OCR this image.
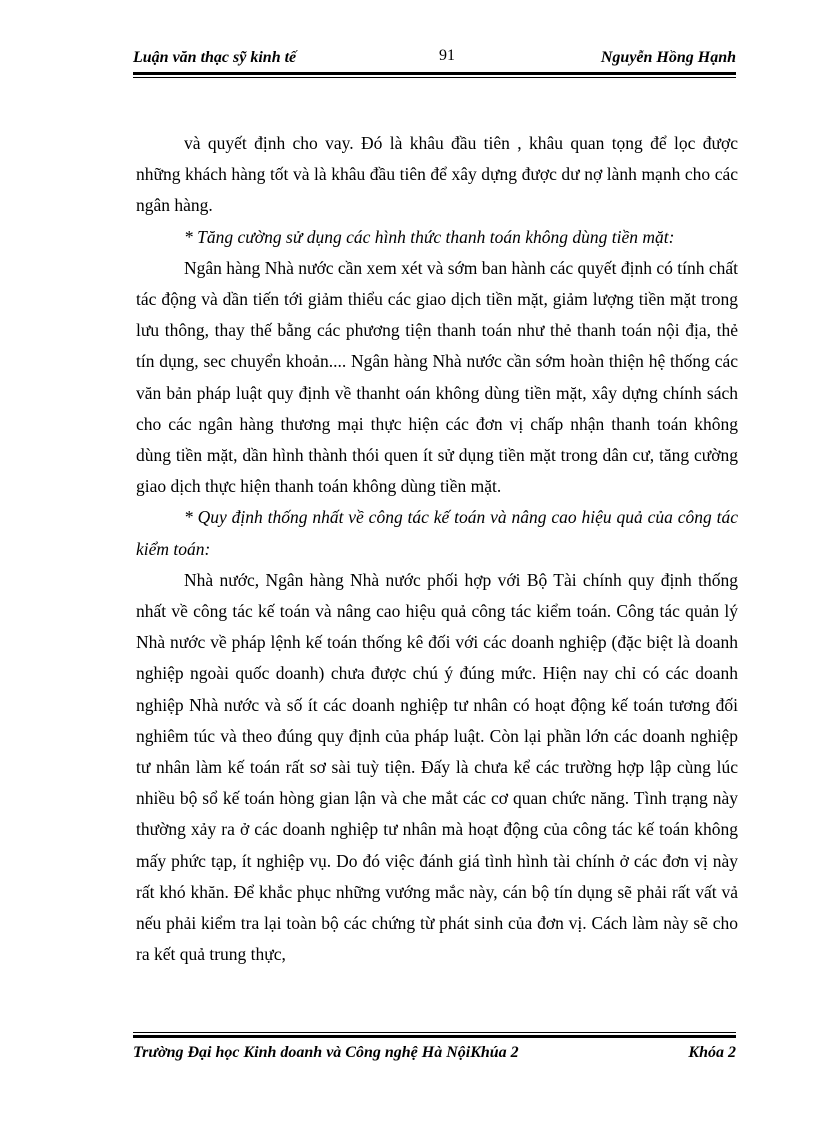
Luận văn thạc sỹ kinh tế	91	Nguyễn Hồng Hạnh

và quyết định cho vay. Đó là khâu đầu tiên , khâu quan tọng để lọc được những khách hàng tốt và là khâu đầu tiên để xây dựng được dư nợ lành mạnh cho các ngân hàng.

* Tăng cường sử dụng các hình thức thanh toán không dùng tiền mặt:

Ngân hàng Nhà nước cần xem xét và sớm ban hành các quyết định có tính chất tác động và dần tiến tới giảm thiểu các giao dịch tiền mặt, giảm lượng tiền mặt trong lưu thông, thay thế bằng các phương tiện thanh toán như thẻ thanh toán nội địa, thẻ tín dụng, sec chuyển khoản.... Ngân hàng Nhà nước cần sớm hoàn thiện hệ thống các văn bản pháp luật quy định về thanht oán không dùng tiền mặt, xây dựng chính sách cho các ngân hàng thương mại thực hiện các đơn vị chấp nhận thanh toán không dùng tiền mặt, dần hình thành thói quen ít sử dụng tiền mặt trong dân cư, tăng cường giao dịch thực hiện thanh toán không dùng tiền mặt.

* Quy định thống nhất về công tác kế toán và nâng cao hiệu quả của công tác kiểm toán:

Nhà nước, Ngân hàng Nhà nước phối hợp với Bộ Tài chính quy định thống nhất về công tác kế toán và nâng cao hiệu quả công tác kiểm toán. Công tác quản lý Nhà nước về pháp lệnh kế toán thống kê đối với các doanh nghiệp (đặc biệt là doanh nghiệp ngoài quốc doanh) chưa được chú ý đúng mức. Hiện nay chỉ có các doanh nghiệp Nhà nước và số ít các doanh nghiệp tư nhân có hoạt động kế toán tương đối nghiêm túc và theo đúng quy định của pháp luật. Còn lại phần lớn các doanh nghiệp tư nhân làm kế toán rất sơ sài tuỳ tiện. Đấy là chưa kể các trường hợp lập cùng lúc nhiều bộ sổ kế toán hòng gian lận và che mắt các cơ quan chức năng. Tình trạng này thường xảy ra ở các doanh nghiệp tư nhân mà hoạt động của công tác kế toán không mấy phức tạp, ít nghiệp vụ. Do đó việc đánh giá tình hình tài chính ở các đơn vị này rất khó khăn. Để khắc phục những vướng mắc này, cán bộ tín dụng sẽ phải rất vất vả nếu phải kiểm tra lại toàn bộ các chứng từ phát sinh của đơn vị. Cách làm này sẽ cho ra kết quả trung thực,

Trường Đại học Kinh doanh và Công nghệ Hà NộiKhúa 2	Khóa 2
